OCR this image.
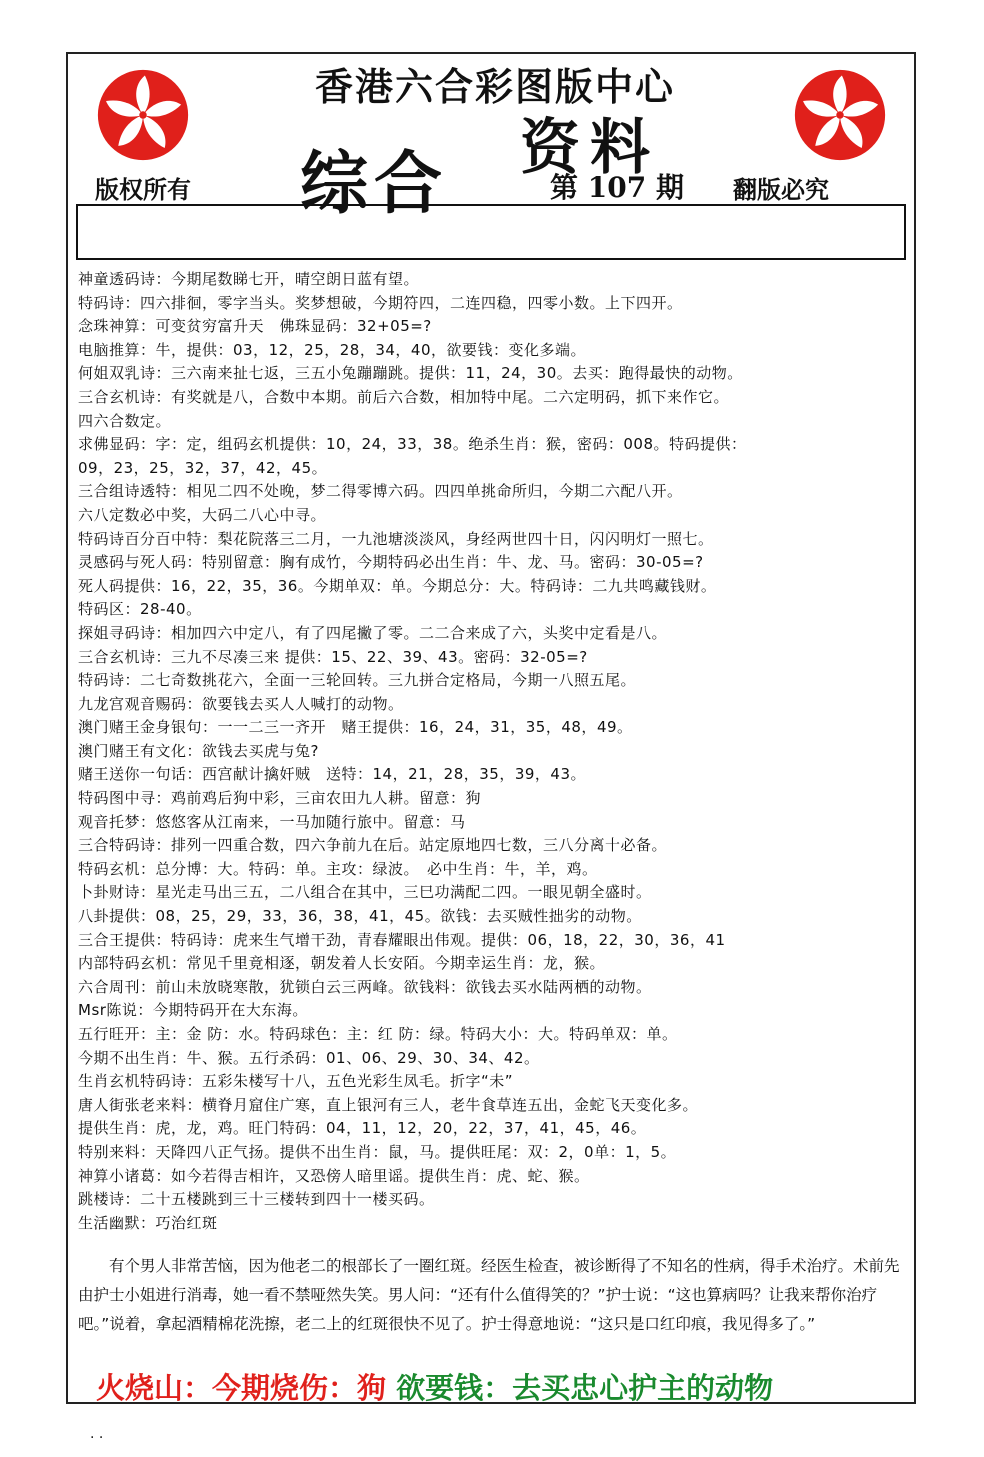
香港六合彩图版中心
综合 资料
第 107 期
版权所有	翻版必究
神童透码诗：今期尾数睇七开，晴空朗日蓝有望。
特码诗：四六排徊，零字当头。奖梦想破，今期符四，二连四稳，四零小数。上下四开。
念珠神算：可变贫穷富升天　佛珠显码：32+05=?
电脑推算：牛，提供：03，12，25，28，34，40，欲要钱：变化多端。
何姐双乳诗：三六南来扯七返，三五小兔蹦蹦跳。提供：11，24，30。去买：跑得最快的动物。
三合玄机诗：有奖就是八，合数中本期。前后六合数，相加特中尾。二六定明码，抓下来作它。
四六合数定。
求佛显码：字：定，组码玄机提供：10，24，33，38。绝杀生肖：猴，密码：008。特码提供：
09，23，25，32，37，42，45。
三合组诗透特：相见二四不处晚，梦二得零博六码。四四单挑命所归，今期二六配八开。
六八定数必中奖，大码二八心中寻。
特码诗百分百中特：梨花院落三二月，一九池塘淡淡风，身经两世四十日，闪闪明灯一照七。
灵感码与死人码：特别留意：胸有成竹，今期特码必出生肖：牛、龙、马。密码：30-05=?
死人码提供：16，22，35，36。今期单双：单。今期总分：大。特码诗：二九共鸣藏钱财。
特码区：28-40。
探姐寻码诗：相加四六中定八，有了四尾撇了零。二二合来成了六，头奖中定看是八。
三合玄机诗：三九不尽凑三来 提供：15、22、39、43。密码：32-05=?
特码诗：二七奇数挑花六，全面一三轮回转。三九拼合定格局，今期一八照五尾。
九龙宫观音赐码：欲要钱去买人人喊打的动物。
澳门赌王金身银句：一一二三一齐开　赌王提供：16，24，31，35，48，49。
澳门赌王有文化：欲钱去买虎与兔?
赌王送你一句话：西宫献计擒奸贼　送特：14，21，28，35，39，43。
特码图中寻：鸡前鸡后狗中彩，三亩农田九人耕。留意：狗
观音托梦：悠悠客从江南来，一马加随行旅中。留意：马
三合特码诗：排列一四重合数，四六争前九在后。站定原地四七数，三八分离十必备。
特码玄机：总分博：大。特码：单。主攻：绿波。　必中生肖：牛，羊，鸡。
卜卦财诗：星光走马出三五，二八组合在其中，三巳功满配二四。一眼见朝全盛时。
八卦提供：08，25，29，33，36，38，41，45。欲钱：去买贼性拙劣的动物。
三合王提供：特码诗：虎来生气增干劲，青春耀眼出伟观。提供：06，18，22，30，36，41
内部特码玄机：常见千里竟相逐，朝发着人长安陌。今期幸运生肖：龙，猴。
六合周刊：前山未放晓寒散，犹锁白云三两峰。欲钱料：欲钱去买水陆两栖的动物。
Msr陈说：今期特码开在大东海。
五行旺开：主：金 防：水。特码球色：主：红 防：绿。特码大小：大。特码单双：单。
今期不出生肖：牛、猴。五行杀码：01、06、29、30、34、42。
生肖玄机特码诗：五彩朱楼写十八，五色光彩生凤毛。折字“未”
唐人街张老来料：横脊月窟住广寒，直上银河有三人，老牛食草连五出，金蛇飞天变化多。
提供生肖：虎，龙，鸡。旺门特码：04，11，12，20，22，37，41，45，46。
特别来料：天降四八正气扬。提供不出生肖：鼠，马。提供旺尾：双：2，0单：1，5。
神算小诸葛：如今若得吉相许，又恐傍人暗里谣。提供生肖：虎、蛇、猴。
跳楼诗：二十五楼跳到三十三楼转到四十一楼买码。
生活幽默：巧治红斑
有个男人非常苦恼，因为他老二的根部长了一圈红斑。经医生检查，被诊断得了不知名的性病，得手术治疗。术前先由护士小姐进行消毒，她一看不禁哑然失笑。男人问：“还有什么值得笑的？”护士说：“这也算病吗？让我来帮你治疗吧。”说着，拿起酒精棉花洗擦，老二上的红斑很快不见了。护士得意地说：“这只是口红印痕，我见得多了。”
火烧山：今期烧伤：狗 欲要钱：去买忠心护主的动物
. .
